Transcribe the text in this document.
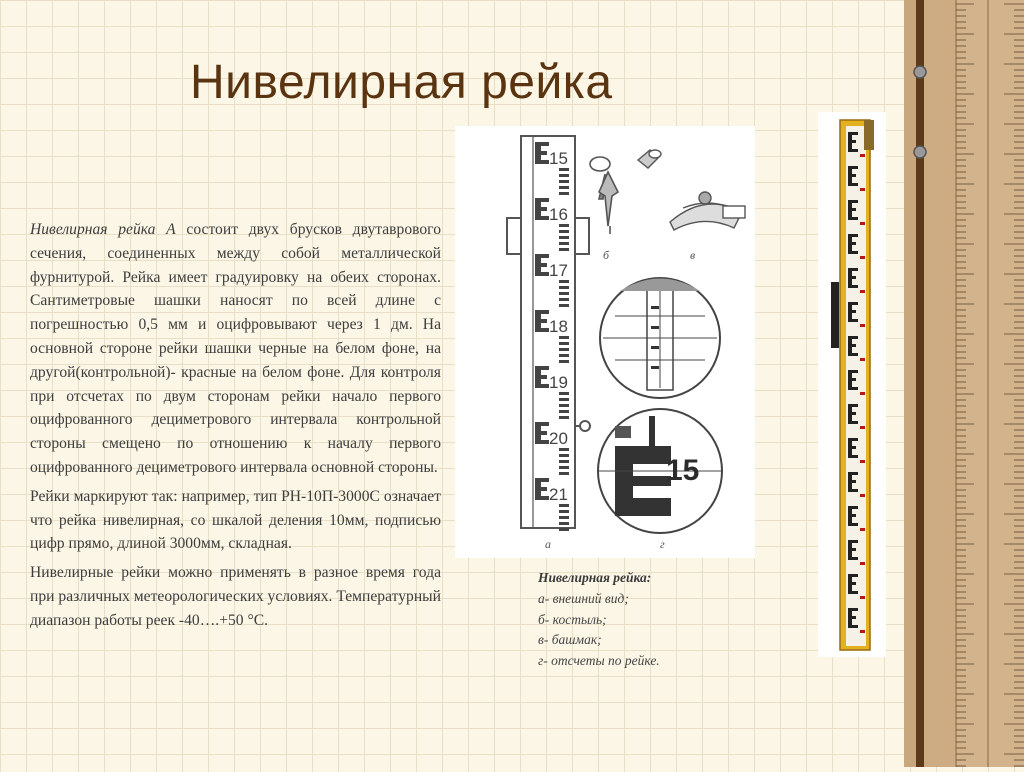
Нивелирная рейка

Нивелирная рейка А состоит двух брусков двутаврового сечения, соединенных между собой металлической фурнитурой. Рейка имеет градуировку на обеих сторонах. Сантиметровые шашки наносят по всей длине с погрешностью 0,5 мм и оцифровывают через 1 дм. На основной стороне рейки шашки черные на белом фоне, на другой(контрольной)- красные на белом фоне. Для контроля при отсчетах по двум сторонам рейки начало первого оцифрованного дециметрового интервала контрольной стороны смещено по отношению к началу первого оцифрованного дециметрового интервала основной стороны.

Рейки маркируют так: например, тип РН-10П-3000С означает что рейка нивелирная, со шкалой деления 10мм, подписью цифр прямо, длиной 3000мм, складная.

Нивелирные рейки можно применять в разное время года при различных метеорологических условиях. Температурный диапазон работы реек -40….+50 °С.

15
16
17
18
19
20
21
а
б	в
15
г
Нивелирная рейка:
а- внешний вид;
б- костыль;
в- башмак;
г- отсчеты по рейке.
